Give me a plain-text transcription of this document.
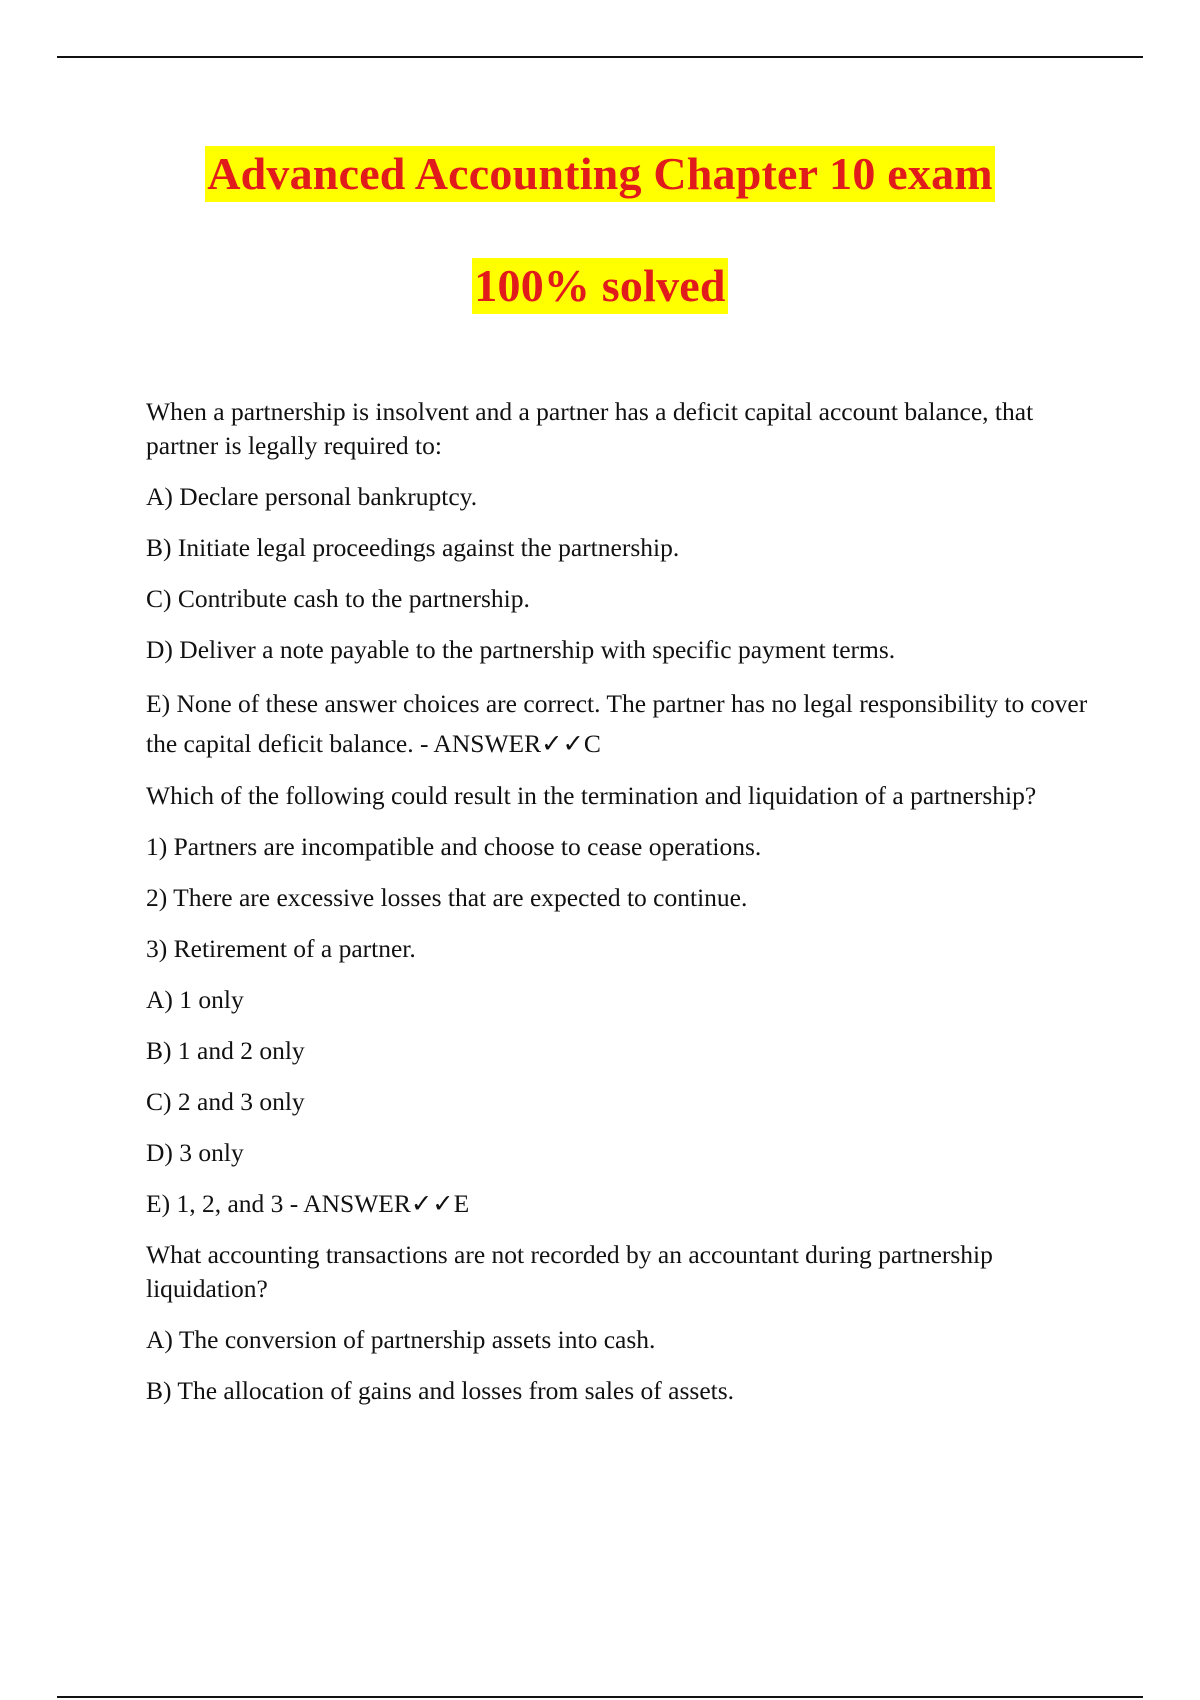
Advanced Accounting Chapter 10 exam
100% solved

When a partnership is insolvent and a partner has a deficit capital account balance, that partner is legally required to:

A) Declare personal bankruptcy.

B) Initiate legal proceedings against the partnership.

C) Contribute cash to the partnership.

D) Deliver a note payable to the partnership with specific payment terms.

E) None of these answer choices are correct. The partner has no legal responsibility to cover the capital deficit balance. - ANSWER✓✓C

Which of the following could result in the termination and liquidation of a partnership?

1) Partners are incompatible and choose to cease operations.

2) There are excessive losses that are expected to continue.

3) Retirement of a partner.

A) 1 only

B) 1 and 2 only

C) 2 and 3 only

D) 3 only

E) 1, 2, and 3 - ANSWER✓✓E

What accounting transactions are not recorded by an accountant during partnership liquidation?

A) The conversion of partnership assets into cash.

B) The allocation of gains and losses from sales of assets.
